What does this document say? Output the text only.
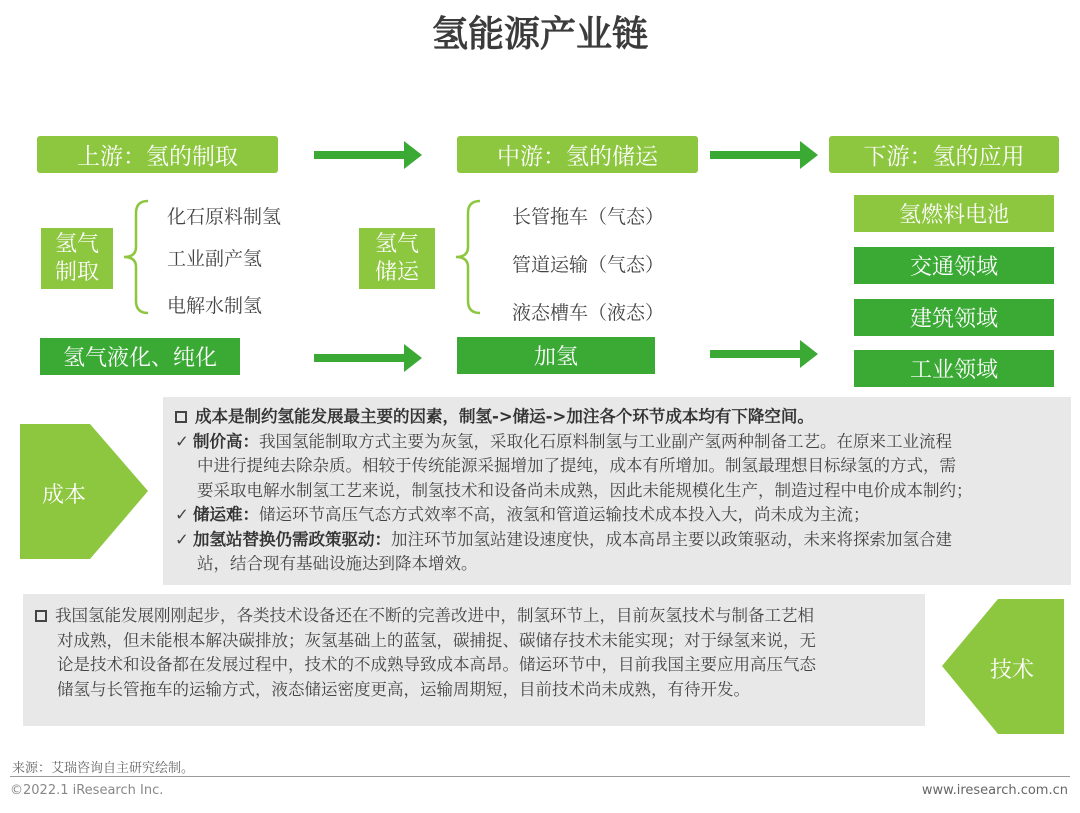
氢能源产业链
上游：氢的制取	中游：氢的储运	下游：氢的应用
氢气
制取
化石原料制氢
工业副产氢
电解水制氢
氢气液化、纯化
氢气
储运
长管拖车（气态）
管道运输（气态）
液态槽车（液态）
加氢
氢燃料电池
交通领域
建筑领域
工业领域
成本
成本是制约氢能发展最主要的因素，制氢->储运->加注各个环节成本均有下降空间。
✓ 制价高：我国氢能制取方式主要为灰氢，采取化石原料制氢与工业副产氢两种制备工艺。在原来工业流程
中进行提纯去除杂质。相较于传统能源采掘增加了提纯，成本有所增加。制氢最理想目标绿氢的方式，需
要采取电解水制氢工艺来说，制氢技术和设备尚未成熟，因此未能规模化生产，制造过程中电价成本制约；
✓ 储运难：储运环节高压气态方式效率不高，液氢和管道运输技术成本投入大，尚未成为主流；
✓ 加氢站替换仍需政策驱动：加注环节加氢站建设速度快，成本高昂主要以政策驱动，未来将探索加氢合建
站，结合现有基础设施达到降本增效。
我国氢能发展刚刚起步，各类技术设备还在不断的完善改进中，制氢环节上，目前灰氢技术与制备工艺相
对成熟，但未能根本解决碳排放；灰氢基础上的蓝氢，碳捕捉、碳储存技术未能实现；对于绿氢来说，无
论是技术和设备都在发展过程中，技术的不成熟导致成本高昂。储运环节中，目前我国主要应用高压气态
储氢与长管拖车的运输方式，液态储运密度更高，运输周期短，目前技术尚未成熟，有待开发。
技术
来源：艾瑞咨询自主研究绘制。
©2022.1 iResearch Inc.	www.iresearch.com.cn
